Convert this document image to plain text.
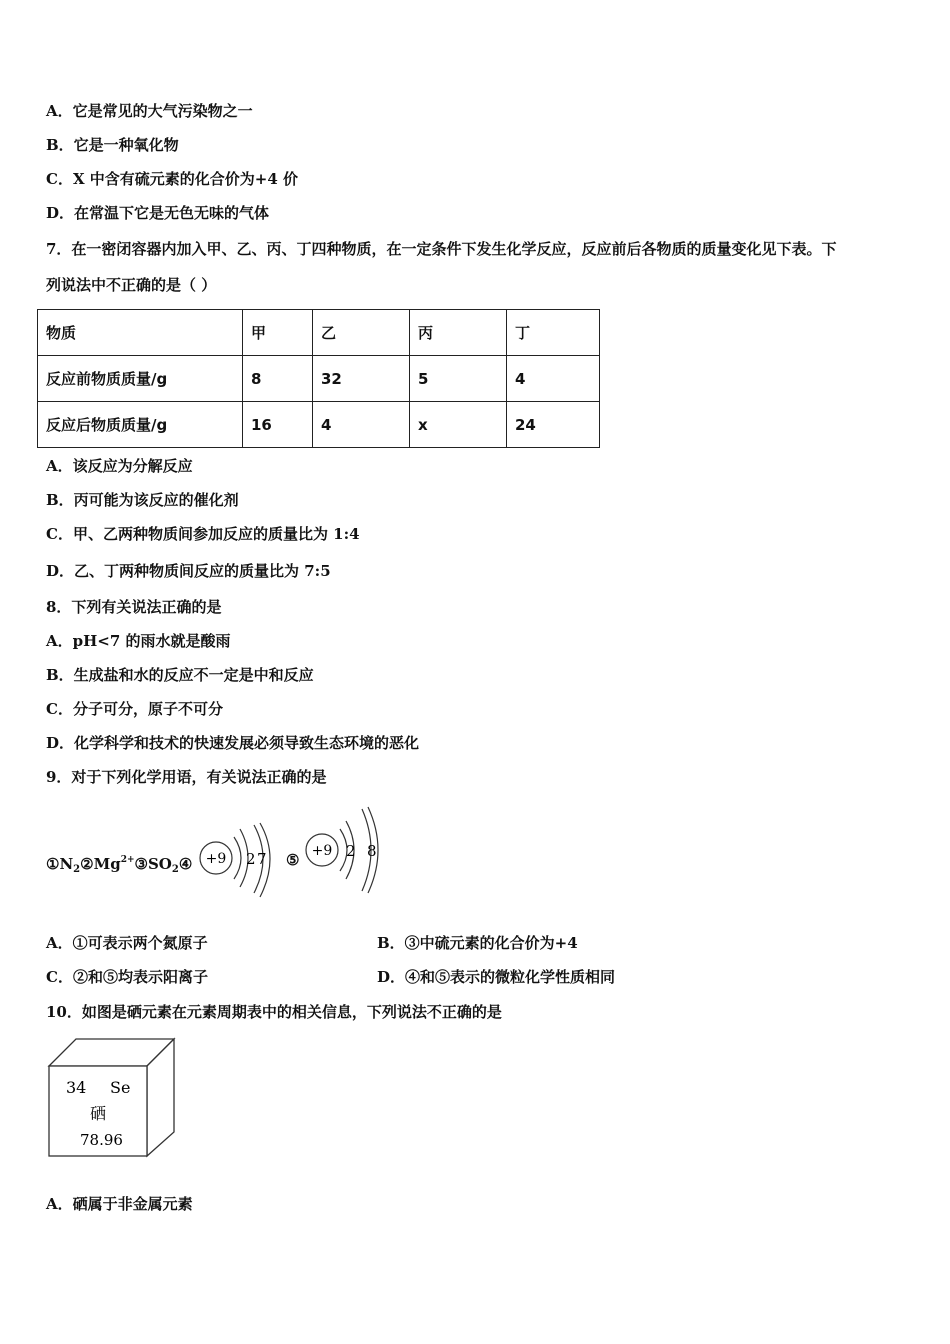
A．它是常见的大气污染物之一
B．它是一种氧化物
C．X 中含有硫元素的化合价为+4 价
D．在常温下它是无色无味的气体
7．在一密闭容器内加入甲、乙、丙、丁四种物质，在一定条件下发生化学反应，反应前后各物质的质量变化见下表。下
列说法中不正确的是（ ）
物质	甲	乙	丙	丁
反应前物质质量/g	8	32	5	4
反应后物质质量/g	16	4	x	24
A．该反应为分解反应
B．丙可能为该反应的催化剂
C．甲、乙两种物质间参加反应的质量比为 1:4
D．乙、丁两种物质间反应的质量比为 7:5
8．下列有关说法正确的是
A．pH<7 的雨水就是酸雨
B．生成盐和水的反应不一定是中和反应
C．分子可分，原子不可分
D．化学科学和技术的快速发展必须导致生态环境的恶化
9．对于下列化学用语，有关说法正确的是
$①N_2②Mg^{2+}③SO_2④$	⑤
+9 2 7	+9 2 8
A．①可表示两个氮原子	B．③中硫元素的化合价为+4
C．②和⑤均表示阳离子	D．④和⑤表示的微粒化学性质相同
10．如图是硒元素在元素周期表中的相关信息，下列说法不正确的是
34 Se
硒
78.96
A．硒属于非金属元素
